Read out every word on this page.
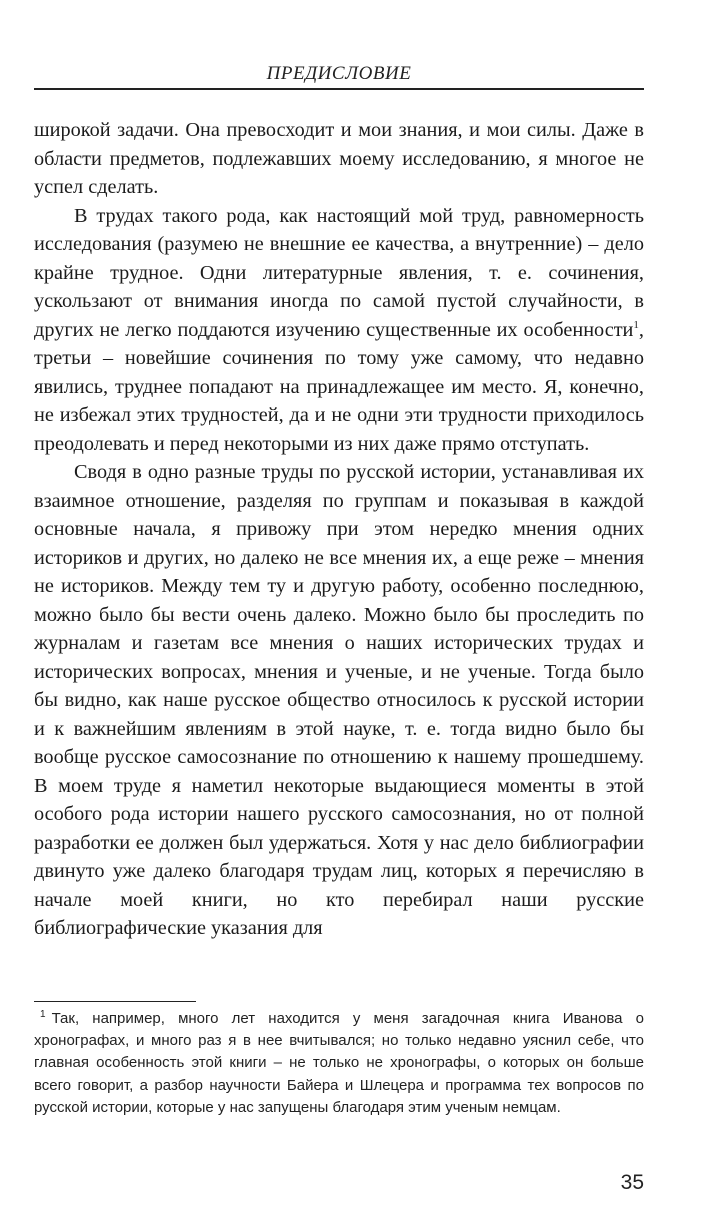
ПРЕДИСЛОВИЕ

широкой задачи. Она превосходит и мои знания, и мои силы. Даже в области предметов, подлежавших моему исследованию, я многое не успел сделать.

В трудах такого рода, как настоящий мой труд, равномерность исследования (разумею не внешние ее качества, а внутренние) – дело крайне трудное. Одни литературные явления, т. е. сочинения, ускользают от внимания иногда по самой пустой случайности, в других не легко поддаются изучению существенные их особенности$^1$, третьи – новейшие сочинения по тому уже самому, что недавно явились, труднее попадают на принадлежащее им место. Я, конечно, не избежал этих трудностей, да и не одни эти трудности приходилось преодолевать и перед некоторыми из них даже прямо отступать.

Сводя в одно разные труды по русской истории, устанавливая их взаимное отношение, разделяя по группам и показывая в каждой основные начала, я привожу при этом нередко мнения одних историков и других, но далеко не все мнения их, а еще реже – мнения не историков. Между тем ту и другую работу, особенно последнюю, можно было бы вести очень далеко. Можно было бы проследить по журналам и газетам все мнения о наших исторических трудах и исторических вопросах, мнения и ученые, и не ученые. Тогда было бы видно, как наше русское общество относилось к русской истории и к важнейшим явлениям в этой науке, т. е. тогда видно было бы вообще русское самосознание по отношению к нашему прошедшему. В моем труде я наметил некоторые выдающиеся моменты в этой особого рода истории нашего русского самосознания, но от полной разработки ее должен был удержаться. Хотя у нас дело библиографии двинуто уже далеко благодаря трудам лиц, которых я перечисляю в начале моей книги, но кто перебирал наши русские библиографические указания для

$^1$ Так, например, много лет находится у меня загадочная книга Иванова о хронографах, и много раз я в нее вчитывался; но только недавно уяснил себе, что главная особенность этой книги – не только не хронографы, о которых он больше всего говорит, а разбор научности Байера и Шлецера и программа тех вопросов по русской истории, которые у нас запущены благодаря этим ученым немцам.
35
